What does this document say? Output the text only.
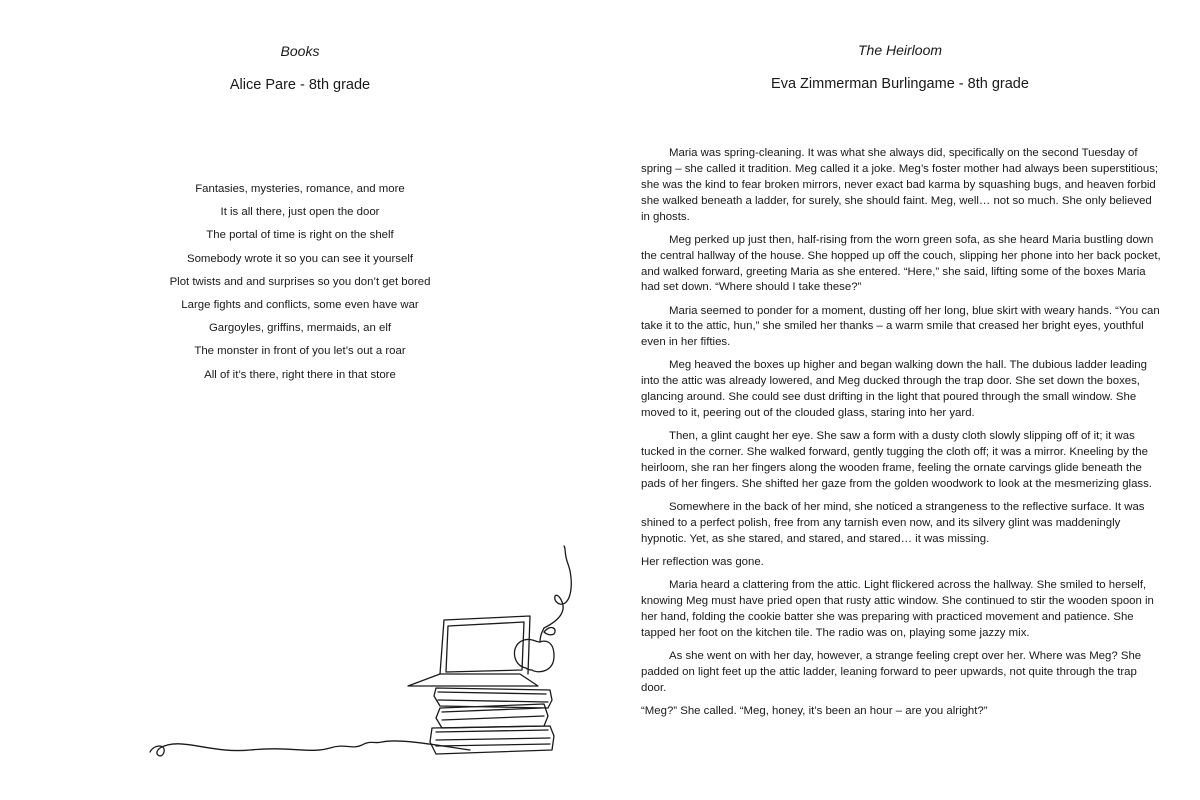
Books
Alice Pare - 8th grade
Fantasies, mysteries, romance, and more
It is all there, just open the door
The portal of time is right on the shelf
Somebody wrote it so you can see it yourself
Plot twists and and surprises so you don’t get bored
Large fights and conflicts, some even have war
Gargoyles, griffins, mermaids, an elf
The monster in front of you let’s out a roar
All of it’s there, right there in that store
The Heirloom
Eva Zimmerman Burlingame - 8th grade

Maria was spring-cleaning. It was what she always did, specifically on the second Tuesday of spring – she called it tradition. Meg called it a joke. Meg’s foster mother had always been superstitious; she was the kind to fear broken mirrors, never exact bad karma by squashing bugs, and heaven forbid she walked beneath a ladder, for surely, she should faint. Meg, well… not so much. She only believed in ghosts.

Meg perked up just then, half-rising from the worn green sofa, as she heard Maria bustling down the central hallway of the house. She hopped up off the couch, slipping her phone into her back pocket, and walked forward, greeting Maria as she entered. “Here,” she said, lifting some of the boxes Maria had set down. “Where should I take these?”

Maria seemed to ponder for a moment, dusting off her long, blue skirt with weary hands. “You can take it to the attic, hun,” she smiled her thanks – a warm smile that creased her bright eyes, youthful even in her fifties.

Meg heaved the boxes up higher and began walking down the hall. The dubious ladder leading into the attic was already lowered, and Meg ducked through the trap door. She set down the boxes, glancing around. She could see dust drifting in the light that poured through the small window. She moved to it, peering out of the clouded glass, staring into her yard.

Then, a glint caught her eye. She saw a form with a dusty cloth slowly slipping off of it; it was tucked in the corner. She walked forward, gently tugging the cloth off; it was a mirror. Kneeling by the heirloom, she ran her fingers along the wooden frame, feeling the ornate carvings glide beneath the pads of her fingers. She shifted her gaze from the golden woodwork to look at the mesmerizing glass.

Somewhere in the back of her mind, she noticed a strangeness to the reflective surface. It was shined to a perfect polish, free from any tarnish even now, and its silvery glint was maddeningly hypnotic. Yet, as she stared, and stared, and stared… it was missing.

Her reflection was gone.

Maria heard a clattering from the attic. Light flickered across the hallway. She smiled to herself, knowing Meg must have pried open that rusty attic window. She continued to stir the wooden spoon in her hand, folding the cookie batter she was preparing with practiced movement and patience. She tapped her foot on the kitchen tile. The radio was on, playing some jazzy mix.

As she went on with her day, however, a strange feeling crept over her. Where was Meg? She padded on light feet up the attic ladder, leaning forward to peer upwards, not quite through the trap door.

“Meg?” She called. “Meg, honey, it’s been an hour – are you alright?”
